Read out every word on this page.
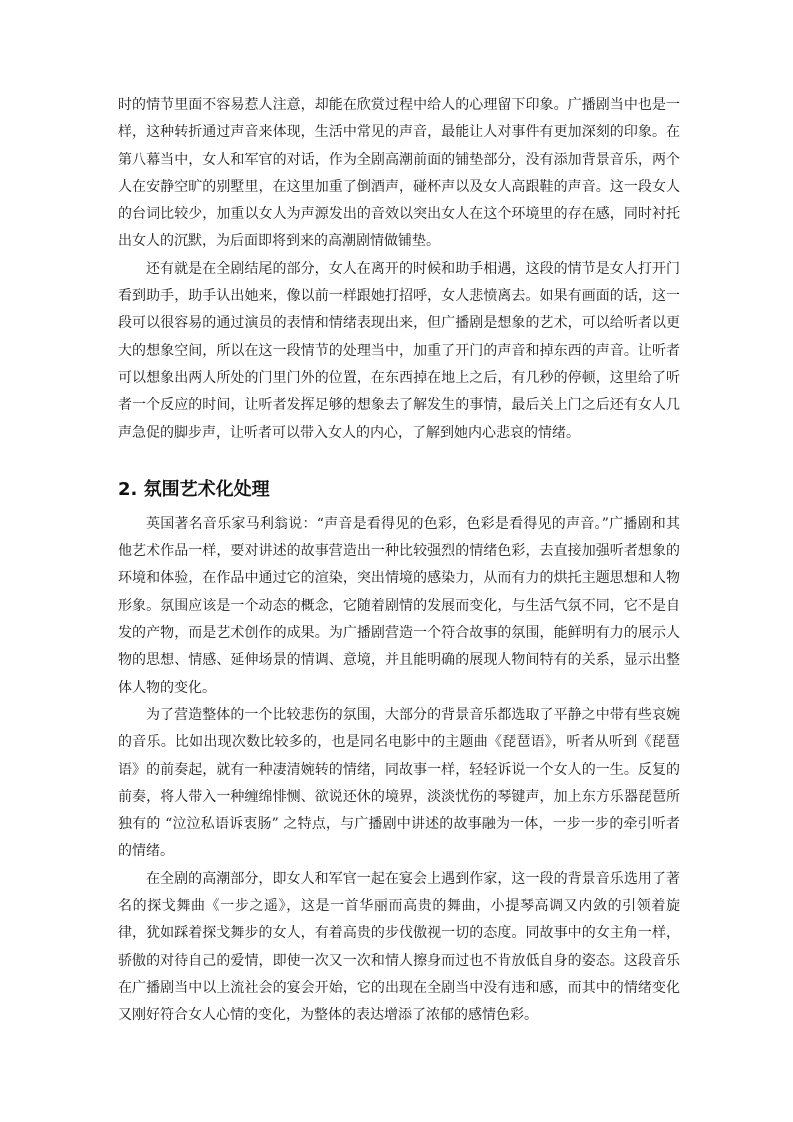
时的情节里面不容易惹人注意，却能在欣赏过程中给人的心理留下印象。广播剧当中也是一样，这种转折通过声音来体现，生活中常见的声音，最能让人对事件有更加深刻的印象。在第八幕当中，女人和军官的对话，作为全剧高潮前面的铺垫部分，没有添加背景音乐，两个人在安静空旷的别墅里，在这里加重了倒酒声，碰杯声以及女人高跟鞋的声音。这一段女人的台词比较少，加重以女人为声源发出的音效以突出女人在这个环境里的存在感，同时衬托出女人的沉默，为后面即将到来的高潮剧情做铺垫。

还有就是在全剧结尾的部分，女人在离开的时候和助手相遇，这段的情节是女人打开门看到助手，助手认出她来，像以前一样跟她打招呼，女人悲愤离去。如果有画面的话，这一段可以很容易的通过演员的表情和情绪表现出来，但广播剧是想象的艺术，可以给听者以更大的想象空间，所以在这一段情节的处理当中，加重了开门的声音和掉东西的声音。让听者可以想象出两人所处的门里门外的位置，在东西掉在地上之后，有几秒的停顿，这里给了听者一个反应的时间，让听者发挥足够的想象去了解发生的事情，最后关上门之后还有女人几声急促的脚步声，让听者可以带入女人的内心，了解到她内心悲哀的情绪。

2. 氛围艺术化处理

英国著名音乐家马利翁说：“声音是看得见的色彩，色彩是看得见的声音。”广播剧和其他艺术作品一样，要对讲述的故事营造出一种比较强烈的情绪色彩，去直接加强听者想象的环境和体验，在作品中通过它的渲染，突出情境的感染力，从而有力的烘托主题思想和人物形象。氛围应该是一个动态的概念，它随着剧情的发展而变化，与生活气氛不同，它不是自发的产物，而是艺术创作的成果。为广播剧营造一个符合故事的氛围，能鲜明有力的展示人物的思想、情感、延伸场景的情调、意境，并且能明确的展现人物间特有的关系，显示出整体人物的变化。

为了营造整体的一个比较悲伤的氛围，大部分的背景音乐都选取了平静之中带有些哀婉的音乐。比如出现次数比较多的，也是同名电影中的主题曲《琵琶语》，听者从听到《琵琶语》的前奏起，就有一种凄清婉转的情绪，同故事一样，轻轻诉说一个女人的一生。反复的前奏，将人带入一种缠绵悱恻、欲说还休的境界，淡淡忧伤的琴键声，加上东方乐器琵琶所独有的 “泣泣私语诉衷肠” 之特点，与广播剧中讲述的故事融为一体，一步一步的牵引听者的情绪。

在全剧的高潮部分，即女人和军官一起在宴会上遇到作家，这一段的背景音乐选用了著名的探戈舞曲《一步之遥》，这是一首华丽而高贵的舞曲，小提琴高调又内敛的引领着旋律，犹如踩着探戈舞步的女人，有着高贵的步伐傲视一切的态度。同故事中的女主角一样，骄傲的对待自己的爱情，即使一次又一次和情人擦身而过也不肯放低自身的姿态。这段音乐在广播剧当中以上流社会的宴会开始，它的出现在全剧当中没有违和感，而其中的情绪变化又刚好符合女人心情的变化，为整体的表达增添了浓郁的感情色彩。
